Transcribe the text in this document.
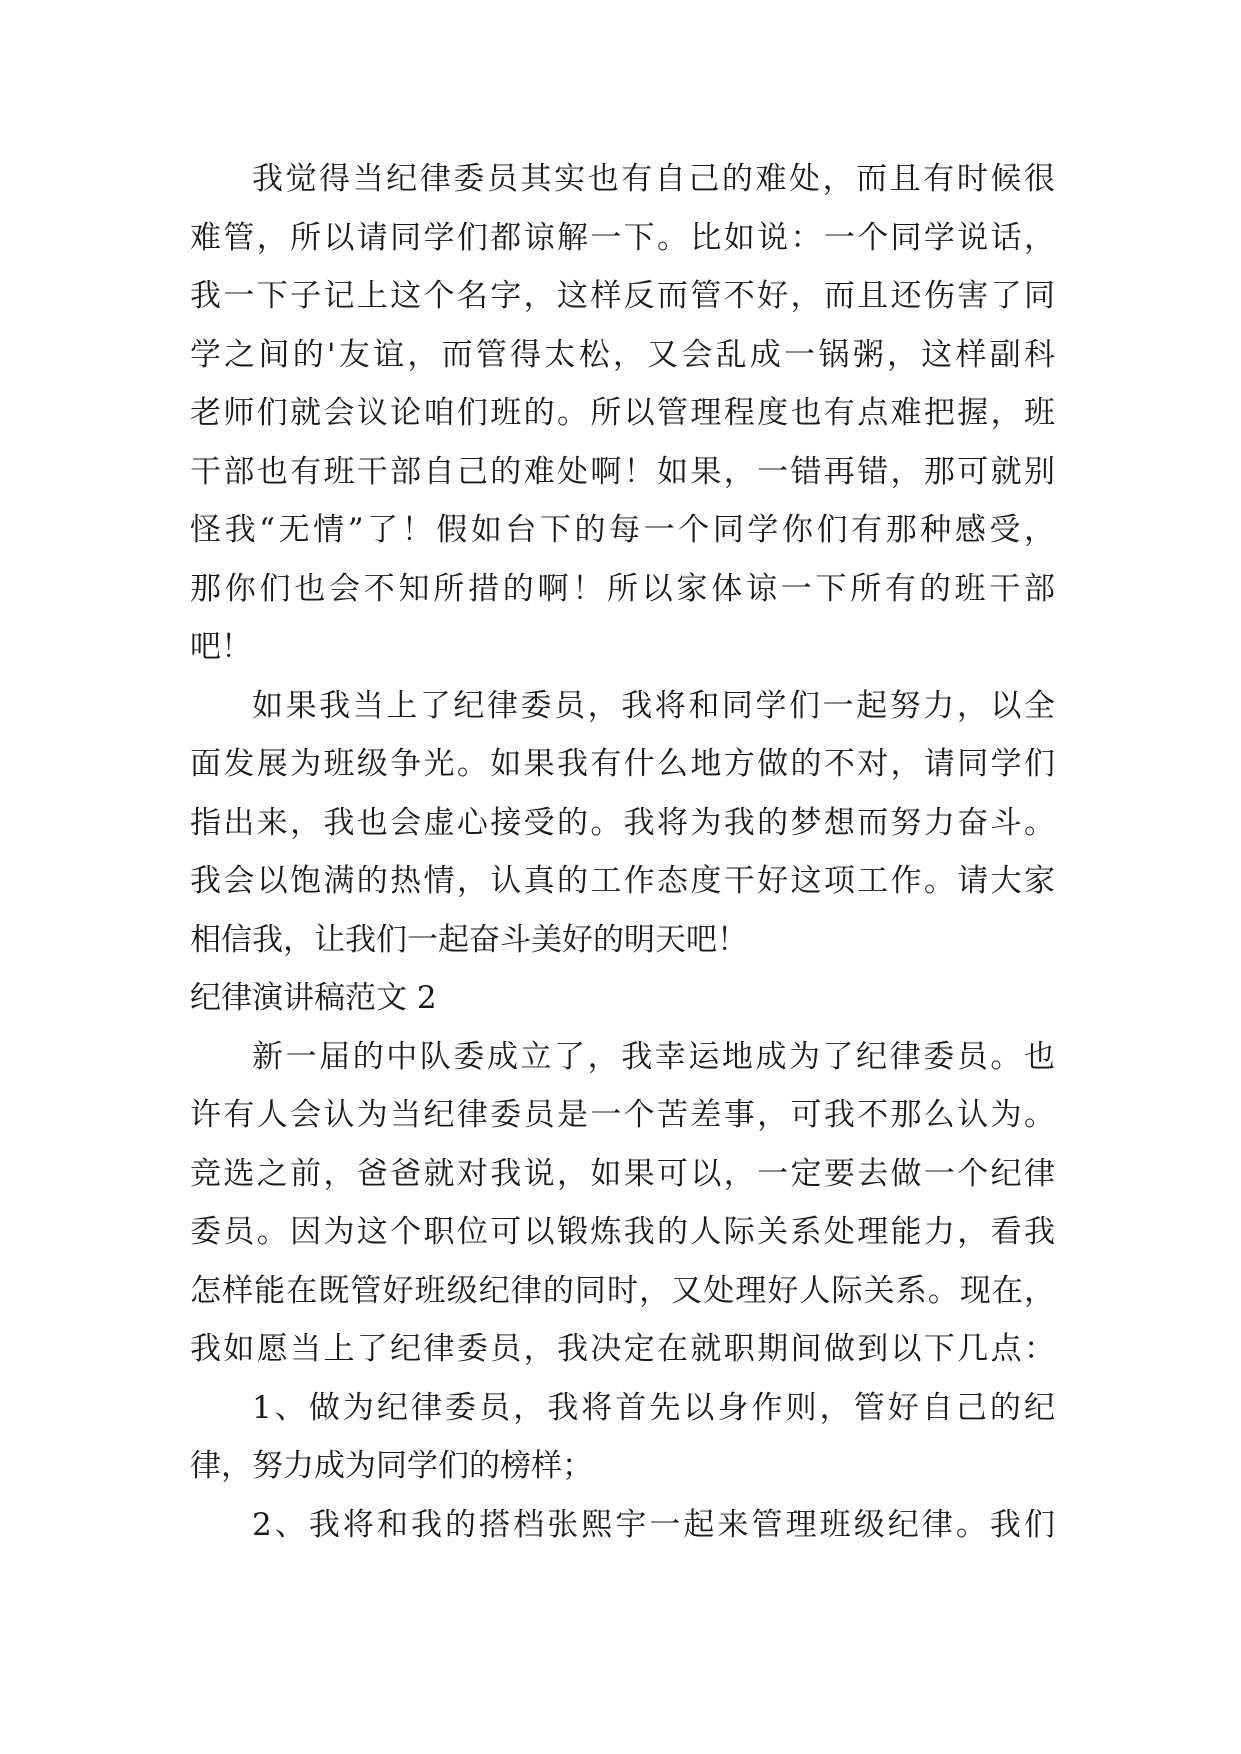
我觉得当纪律委员其实也有自己的难处，而且有时候很
难管，所以请同学们都谅解一下。比如说：一个同学说话，
我一下子记上这个名字，这样反而管不好，而且还伤害了同
学之间的'友谊，而管得太松，又会乱成一锅粥，这样副科
老师们就会议论咱们班的。所以管理程度也有点难把握，班
干部也有班干部自己的难处啊！如果，一错再错，那可就别
怪我“无情”了！假如台下的每一个同学你们有那种感受，
那你们也会不知所措的啊！所以家体谅一下所有的班干部
吧！
如果我当上了纪律委员，我将和同学们一起努力，以全
面发展为班级争光。如果我有什么地方做的不对，请同学们
指出来，我也会虚心接受的。我将为我的梦想而努力奋斗。
我会以饱满的热情，认真的工作态度干好这项工作。请大家
相信我，让我们一起奋斗美好的明天吧！
纪律演讲稿范文 2
新一届的中队委成立了，我幸运地成为了纪律委员。也
许有人会认为当纪律委员是一个苦差事，可我不那么认为。
竞选之前，爸爸就对我说，如果可以，一定要去做一个纪律
委员。因为这个职位可以锻炼我的人际关系处理能力，看我
怎样能在既管好班级纪律的同时，又处理好人际关系。现在，
我如愿当上了纪律委员，我决定在就职期间做到以下几点：
1、做为纪律委员，我将首先以身作则，管好自己的纪
律，努力成为同学们的榜样；
2、我将和我的搭档张熙宇一起来管理班级纪律。我们
